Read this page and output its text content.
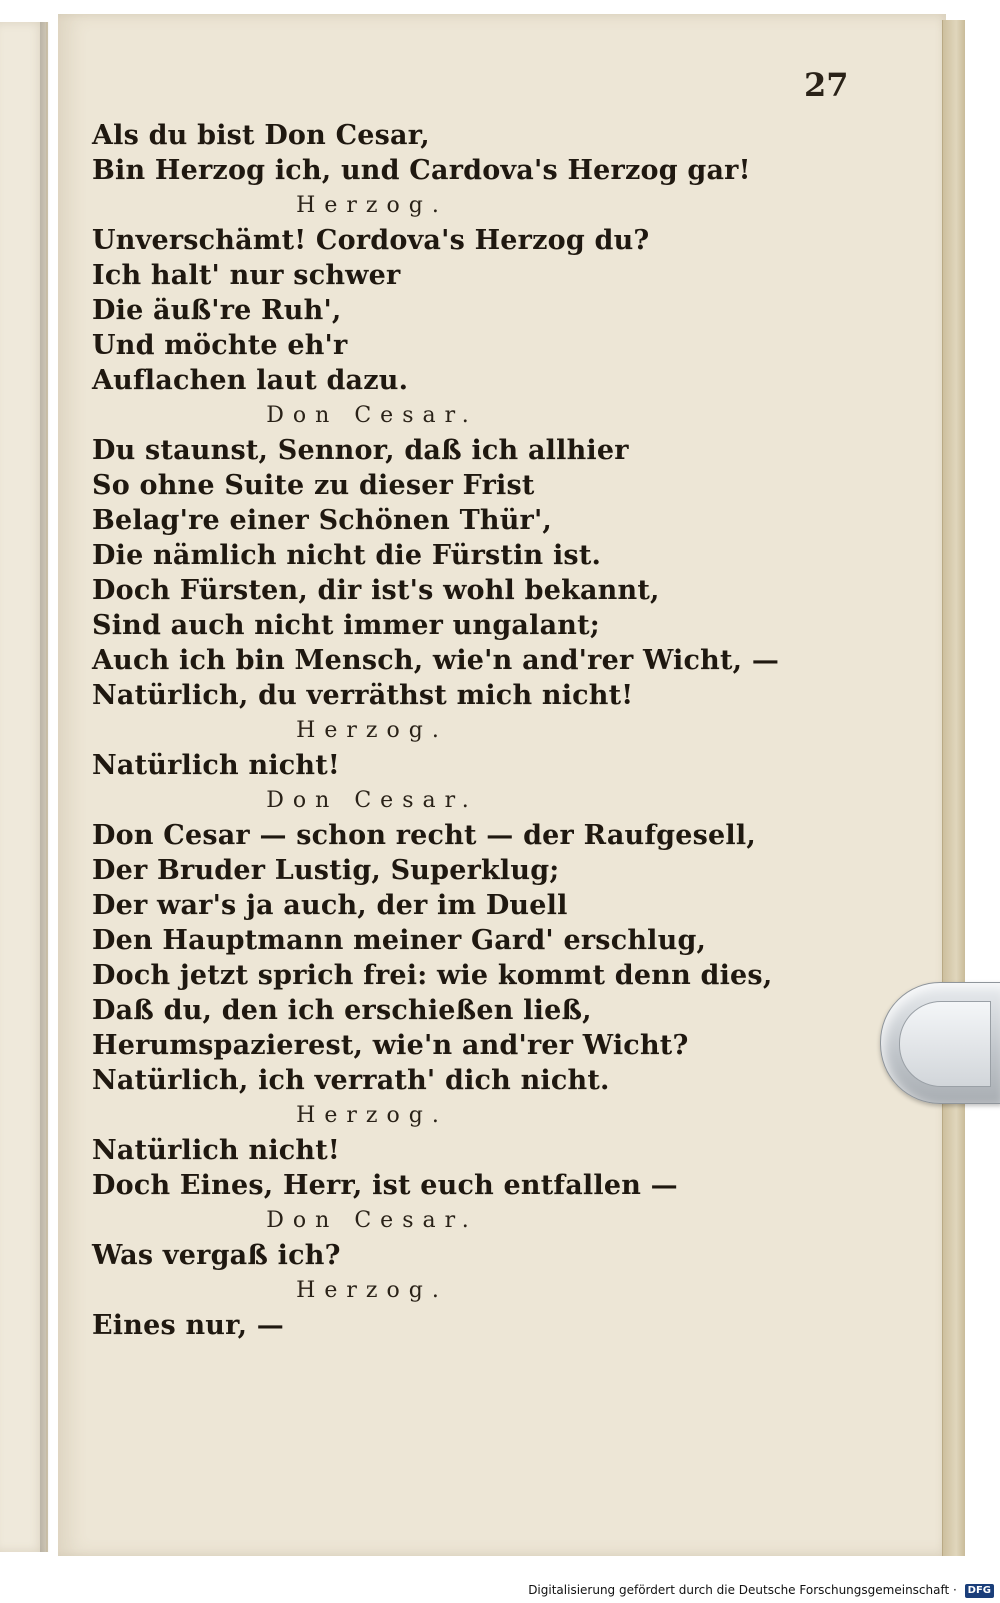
27
Als du bist Don Cesar,
Bin Herzog ich, und Cardova's Herzog gar!
Herzog.
Unverschämt! Cordova's Herzog du?
Ich halt' nur schwer
Die äuß're Ruh',
Und möchte eh'r
Auflachen laut dazu.
Don Cesar.
Du staunst, Sennor, daß ich allhier
So ohne Suite zu dieser Frist
Belag're einer Schönen Thür',
Die nämlich nicht die Fürstin ist.
Doch Fürsten, dir ist's wohl bekannt,
Sind auch nicht immer ungalant;
Auch ich bin Mensch, wie'n and'rer Wicht, —
Natürlich, du verräthst mich nicht!
Herzog.
Natürlich nicht!
Don Cesar.
Don Cesar — schon recht — der Raufgesell,
Der Bruder Lustig, Superklug;
Der war's ja auch, der im Duell
Den Hauptmann meiner Gard' erschlug,
Doch jetzt sprich frei: wie kommt denn dies,
Daß du, den ich erschießen ließ,
Herumspazierest, wie'n and'rer Wicht?
Natürlich, ich verrath' dich nicht.
Herzog.
Natürlich nicht!
Doch Eines, Herr, ist euch entfallen —
Don Cesar.
Was vergaß ich?
Herzog.
Eines nur, —
Digitalisierung gefördert durch die Deutsche Forschungsgemeinschaft · DFG
